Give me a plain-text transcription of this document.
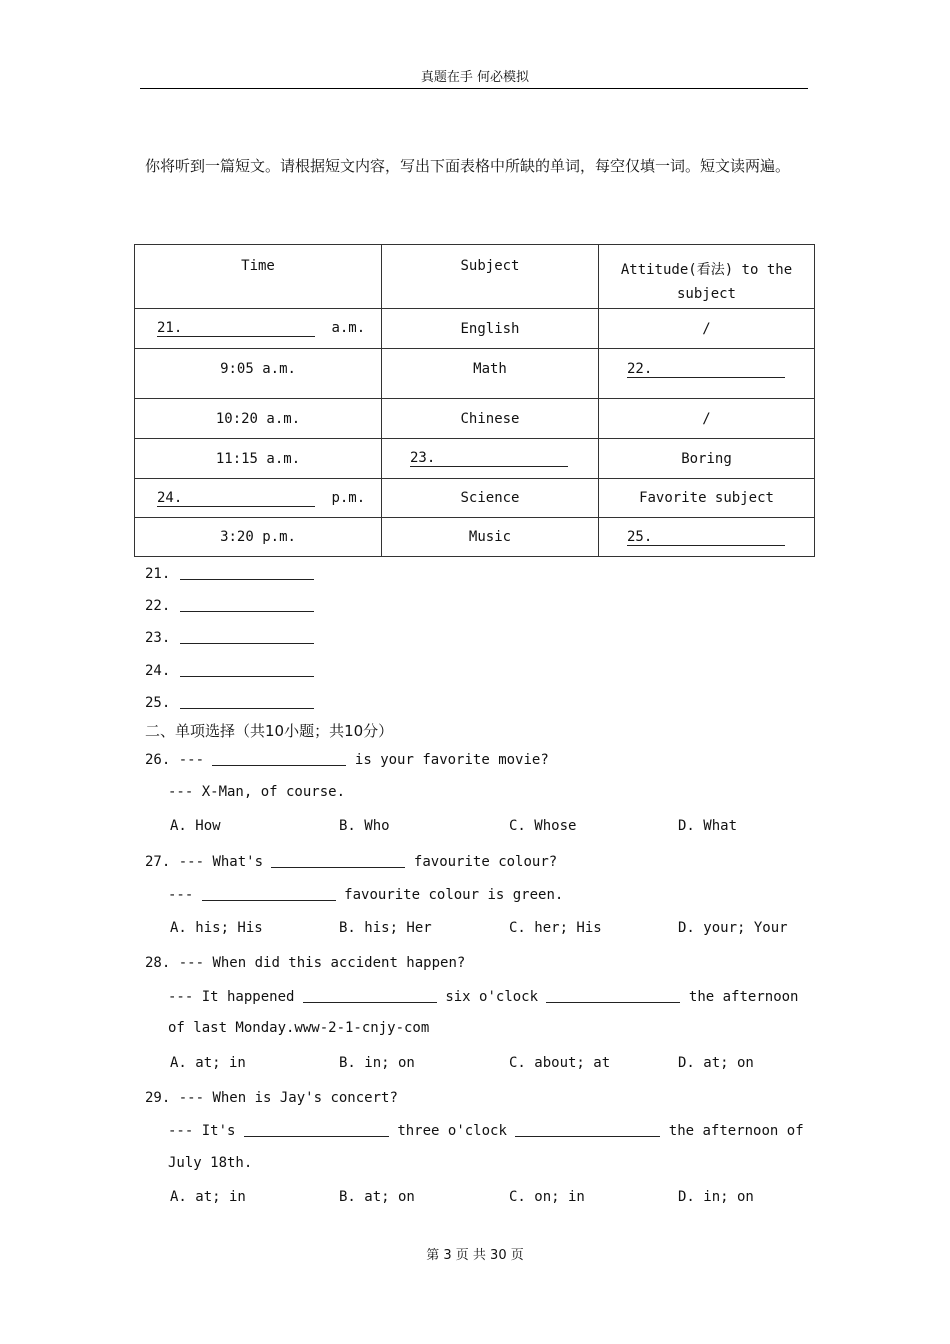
真题在手 何必模拟
你将听到一篇短文。请根据短文内容，写出下面表格中所缺的单词，每空仅填一词。短文读两遍。
Time	Subject	Attitude(看法) to the subject
21. a.m.	English	/
9:05 a.m.	Math	22.
10:20 a.m.	Chinese	/
11:15 a.m.	23.	Boring
24. p.m.	Science	Favorite subject
3:20 p.m.	Music	25.
21.
22.
23.
24.
25.
二、单项选择（共10小题；共10分）
26. ---	is your favorite movie?
--- X-Man, of course.
A. How	B. Who	C. Whose	D. What
27. --- What's	favourite colour?
---	favourite colour is green.
A. his; His	B. his; Her	C. her; His	D. your; Your
28. --- When did this accident happen?
--- It happened	six o'clock	the afternoon
of last Monday.www-2-1-cnjy-com
A. at; in	B. in; on	C. about; at	D. at; on
29. --- When is Jay's concert?
--- It's	three o'clock	the afternoon of
July 18th.
A. at; in	B. at; on	C. on; in	D. in; on
第 3 页 共 30 页
